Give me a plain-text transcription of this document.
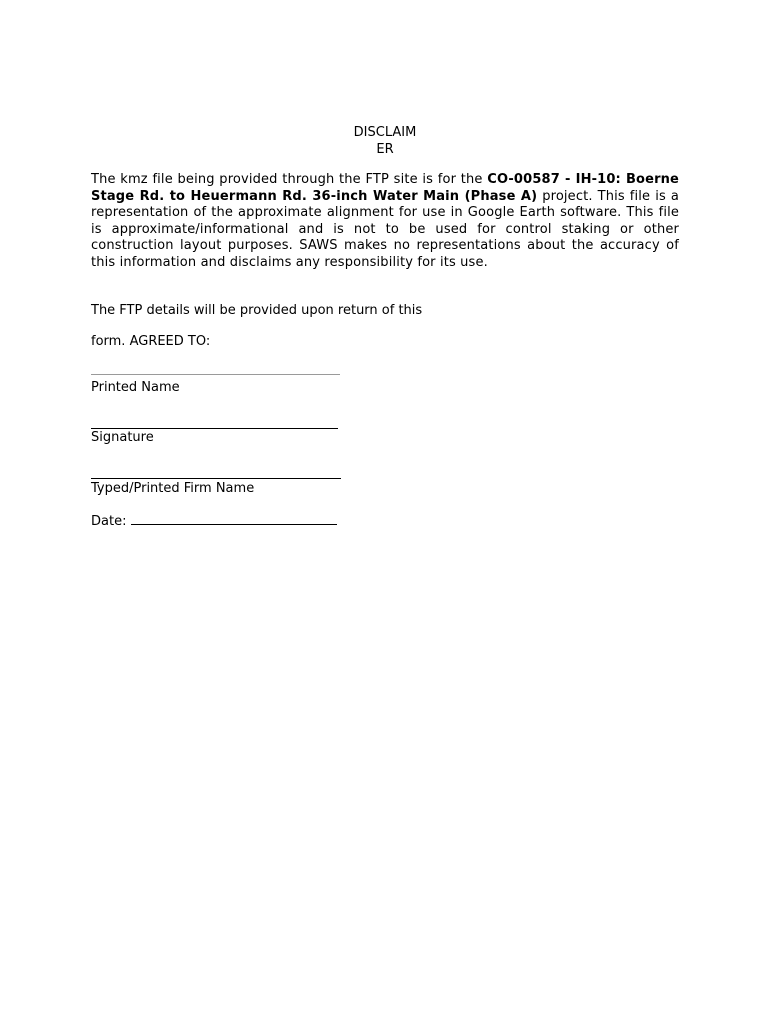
DISCLAIM
ER
The kmz file being provided through the FTP site is for the CO-00587 - IH-10: Boerne Stage Rd. to Heuermann Rd. 36-inch Water Main (Phase A) project. This file is a representation of the approximate alignment for use in Google Earth software. This file is approximate/informational and is not to be used for control staking or other construction layout purposes. SAWS makes no representations about the accuracy of this information and disclaims any responsibility for its use.
The FTP details will be provided upon return of this
form. AGREED TO:
Printed Name
Signature
Typed/Printed Firm Name
Date:
